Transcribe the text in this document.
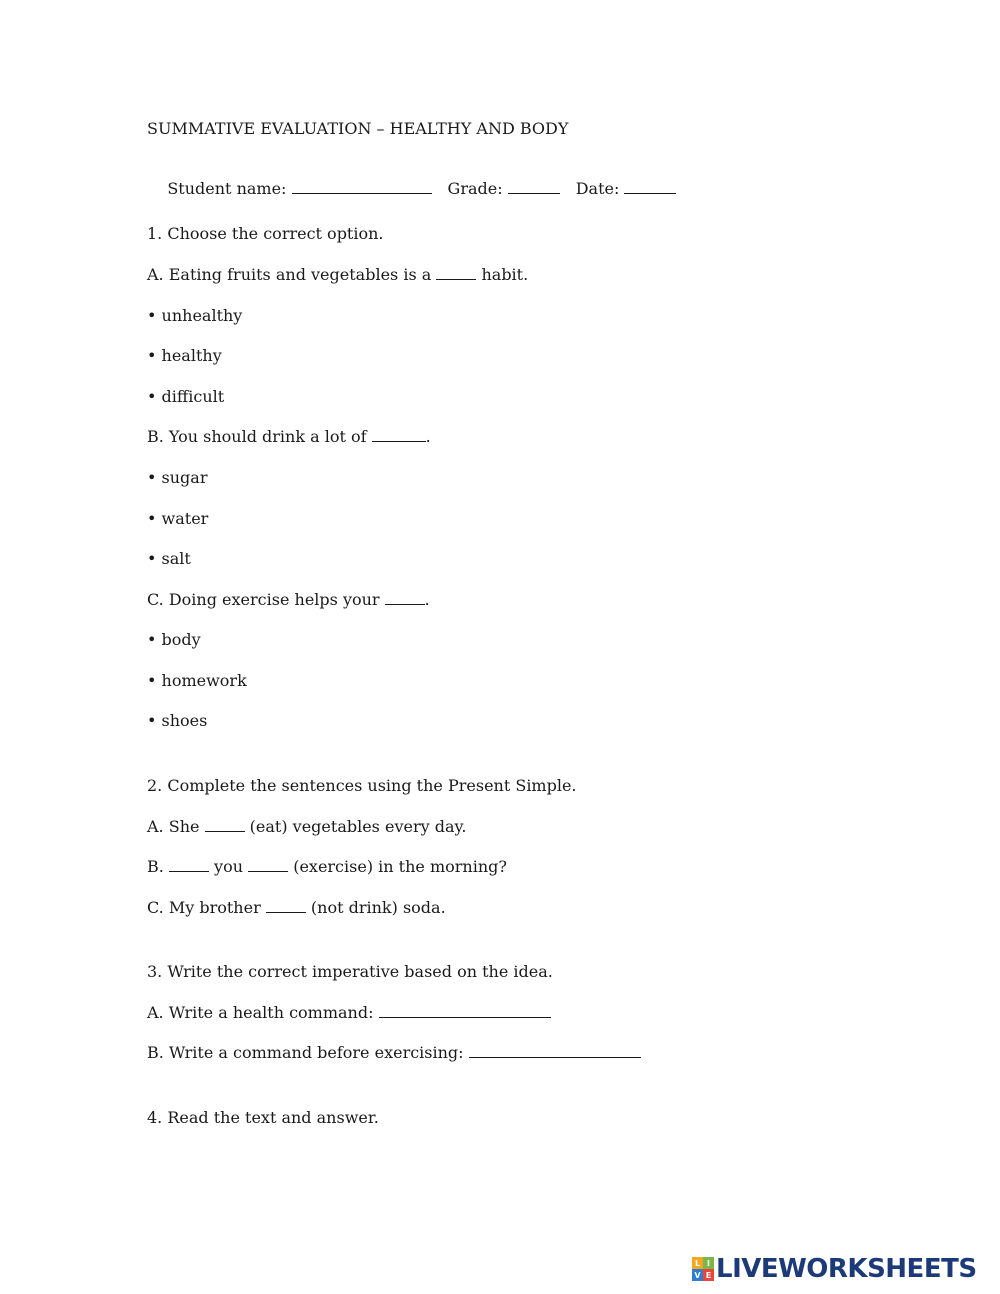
SUMMATIVE EVALUATION – HEALTHY AND BODY

Student name:	Grade:	Date:

1. Choose the correct option.
A. Eating fruits and vegetables is a	habit.
• unhealthy
• healthy
• difficult
B. You should drink a lot of	.
• sugar
• water
• salt
C. Doing exercise helps your	.
• body
• homework
• shoes
2. Complete the sentences using the Present Simple.
A. She	(eat) vegetables every day.
B.	you	(exercise) in the morning?
C. My brother	(not drink) soda.
3. Write the correct imperative based on the idea.
A. Write a health command:
B. Write a command before exercising:
4. Read the text and answer.
L I
V E LIVEWORKSHEETS
